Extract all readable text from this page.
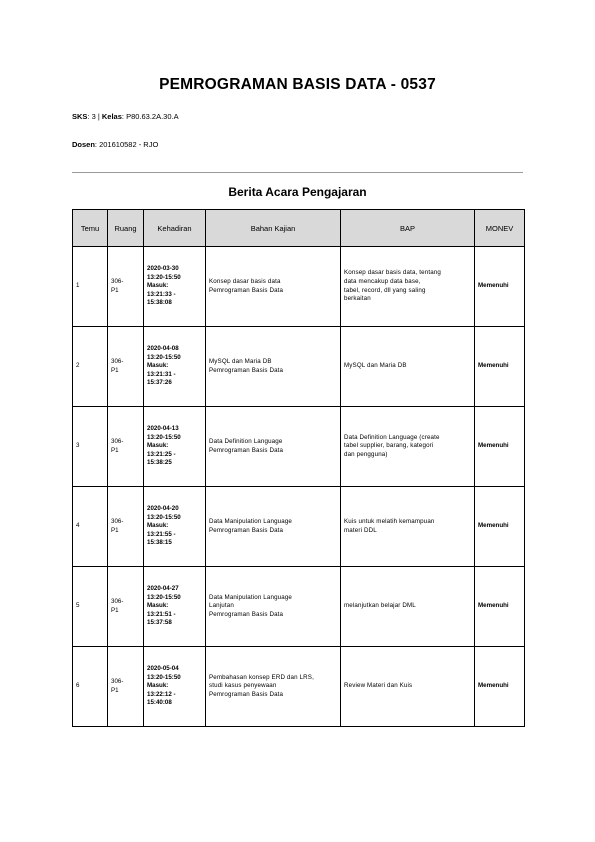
PEMROGRAMAN BASIS DATA - 0537

SKS: 3 | Kelas: P80.63.2A.30.A

Dosen: 201610582 - RJO

Berita Acara Pengajaran
Temu	Ruang	Kehadiran	Bahan Kajian	BAP	MONEV
1	306-
P1	2020-03-30
13:20-15:50
Masuk:
13:21:33 -
15:38:08	Konsep dasar basis data
Pemrograman Basis Data	Konsep dasar basis data, tentang
data mencakup data base,
tabel, record, dll yang saling
berkaitan	Memenuhi
2	306-
P1	2020-04-08
13:20-15:50
Masuk:
13:21:31 -
15:37:26	MySQL dan Maria DB
Pemrograman Basis Data	MySQL dan Maria DB	Memenuhi
3	306-
P1	2020-04-13
13:20-15:50
Masuk:
13:21:25 -
15:38:25	Data Definition Language
Pemrograman Basis Data	Data Definition Language (create
tabel supplier, barang, kategori
dan pengguna)	Memenuhi
4	306-
P1	2020-04-20
13:20-15:50
Masuk:
13:21:55 -
15:38:15	Data Manipulation Language
Pemrograman Basis Data	Kuis untuk melatih kemampuan
materi DDL	Memenuhi
5	306-
P1	2020-04-27
13:20-15:50
Masuk:
13:21:51 -
15:37:58	Data Manipulation Language
Lanjutan
Pemrograman Basis Data	melanjutkan belajar DML	Memenuhi
6	306-
P1	2020-05-04
13:20-15:50
Masuk:
13:22:12 -
15:40:08	Pembahasan konsep ERD dan LRS,
studi kasus penyewaan
Pemrograman Basis Data	Review Materi dan Kuis	Memenuhi
